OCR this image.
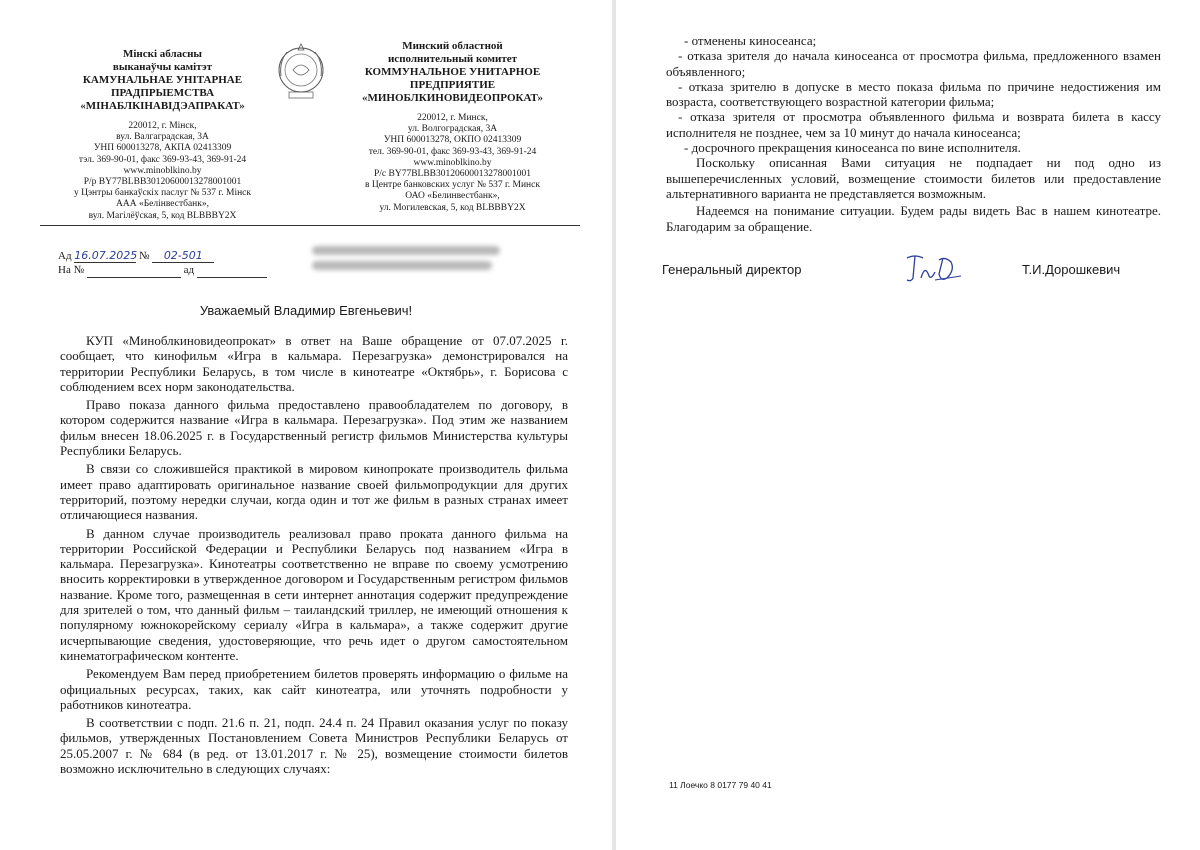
Мінскі абласны
выканаўчы камітэт
КАМУНАЛЬНАЕ УНІТАРНАЕ
ПРАДПРЫЕМСТВА
«МІНАБЛКІНАВІДЭАПРАКАТ»
220012, г. Мінск,
вул. Валгаградская, 3А
УНП 600013278, АКПА 02413309
тэл. 369-90-01, факс 369-93-43, 369-91-24
www.minoblkino.by
Р/р BY77BLBB30120600013278001001
у Цэнтры банкаўскіх паслуг № 537 г. Мінск
ААА «Белінвестбанк»,
вул. Магілёўская, 5, код BLBBBY2X
Минский областной
исполнительный комитет
КОММУНАЛЬНОЕ УНИТАРНОЕ
ПРЕДПРИЯТИЕ
«МИНОБЛКИНОВИДЕОПРОКАТ»
220012, г. Минск,
ул. Волгоградская, 3А
УНП 600013278, ОКПО 02413309
тел. 369-90-01, факс 369-93-43, 369-91-24
www.minoblkino.by
Р/с BY77BLBB30120600013278001001
в Центре банковских услуг № 537 г. Минск
ОАО «Белинвестбанк»,
ул. Могилевская, 5, код BLBBBY2X
Ад 16.07.2025 № 02-501
На №	ад
Уважаемый Владимир Евгеньевич!

КУП «Миноблкиновидеопрокат» в ответ на Ваше обращение от 07.07.2025 г. сообщает, что кинофильм «Игра в кальмара. Перезагрузка» демонстрировался на территории Республики Беларусь, в том числе в кинотеатре «Октябрь», г. Борисова с соблюдением всех норм законодательства.

Право показа данного фильма предоставлено правообладателем по договору, в котором содержится название «Игра в кальмара. Перезагрузка». Под этим же названием фильм внесен 18.06.2025 г. в Государственный регистр фильмов Министерства культуры Республики Беларусь.

В связи со сложившейся практикой в мировом кинопрокате производитель фильма имеет право адаптировать оригинальное название своей фильмопродукции для других территорий, поэтому нередки случаи, когда один и тот же фильм в разных странах имеет отличающиеся названия.

В данном случае производитель реализовал право проката данного фильма на территории Российской Федерации и Республики Беларусь под названием «Игра в кальмара. Перезагрузка». Кинотеатры соответственно не вправе по своему усмотрению вносить корректировки в утвержденное договором и Государственным регистром фильмов название. Кроме того, размещенная в сети интернет аннотация содержит предупреждение для зрителей о том, что данный фильм – таиландский триллер, не имеющий отношения к популярному южнокорейскому сериалу «Игра в кальмара», а также содержит другие исчерпывающие сведения, удостоверяющие, что речь идет о другом самостоятельном кинематографическом контенте.

Рекомендуем Вам перед приобретением билетов проверять информацию о фильме на официальных ресурсах, таких, как сайт кинотеатра, или уточнять подробности у работников кинотеатра.

В соответствии с подп. 21.6 п. 21, подп. 24.4 п. 24 Правил оказания услуг по показу фильмов, утвержденных Постановлением Совета Министров Республики Беларусь от 25.05.2007 г. № 684 (в ред. от 13.01.2017 г. № 25), возмещение стоимости билетов возможно исключительно в следующих случаях:

- отменены киносеанса;

- отказа зрителя до начала киносеанса от просмотра фильма, предложенного взамен объявленного;

- отказа зрителю в допуске в место показа фильма по причине недостижения им возраста, соответствующего возрастной категории фильма;

- отказа зрителя от просмотра объявленного фильма и возврата билета в кассу исполнителя не позднее, чем за 10 минут до начала киносеанса;

- досрочного прекращения киносеанса по вине исполнителя.

Поскольку описанная Вами ситуация не подпадает ни под одно из вышеперечисленных условий, возмещение стоимости билетов или предоставление альтернативного варианта не представляется возможным.

Надеемся на понимание ситуации. Будем рады видеть Вас в нашем кинотеатре. Благодарим за обращение.

Генеральный директор	Т.И.Дорошкевич
11 Лоечко 8 0177 79 40 41
